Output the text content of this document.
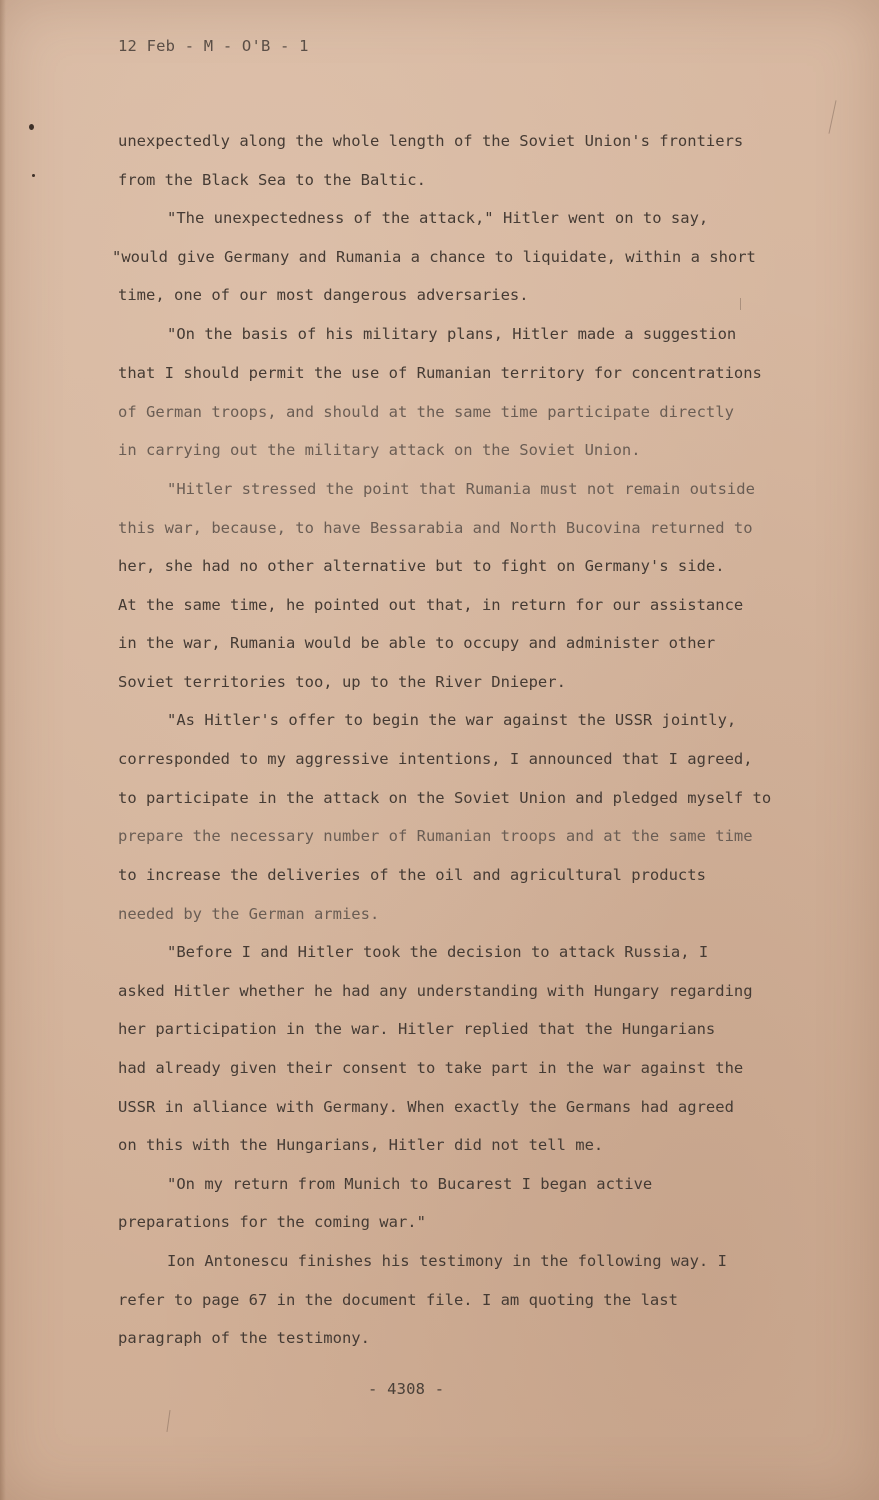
12 Feb - M - O'B - 1
unexpectedly along the whole length of the Soviet Union's frontiers
from the Black Sea to the Baltic.
"The unexpectedness of the attack," Hitler went on to say,
"would give Germany and Rumania a chance to liquidate, within a short
time, one of our most dangerous adversaries.
"On the basis of his military plans, Hitler made a suggestion
that I should permit the use of Rumanian territory for concentrations
of German troops, and should at the same time participate directly
in carrying out the military attack on the Soviet Union.
"Hitler stressed the point that Rumania must not remain outside
this war, because, to have Bessarabia and North Bucovina returned to
her, she had no other alternative but to fight on Germany's side.
At the same time, he pointed out that, in return for our assistance
in the war, Rumania would be able to occupy and administer other
Soviet territories too, up to the River Dnieper.
"As Hitler's offer to begin the war against the USSR jointly,
corresponded to my aggressive intentions, I announced that I agreed,
to participate in the attack on the Soviet Union and pledged myself to
prepare the necessary number of Rumanian troops and at the same time
to increase the deliveries of the oil and agricultural products
needed by the German armies.
"Before I and Hitler took the decision to attack Russia, I
asked Hitler whether he had any understanding with Hungary regarding
her participation in the war. Hitler replied that the Hungarians
had already given their consent to take part in the war against the
USSR in alliance with Germany. When exactly the Germans had agreed
on this with the Hungarians, Hitler did not tell me.
"On my return from Munich to Bucarest I began active
preparations for the coming war."
Ion Antonescu finishes his testimony in the following way. I
refer to page 67 in the document file. I am quoting the last
paragraph of the testimony.
- 4308 -
